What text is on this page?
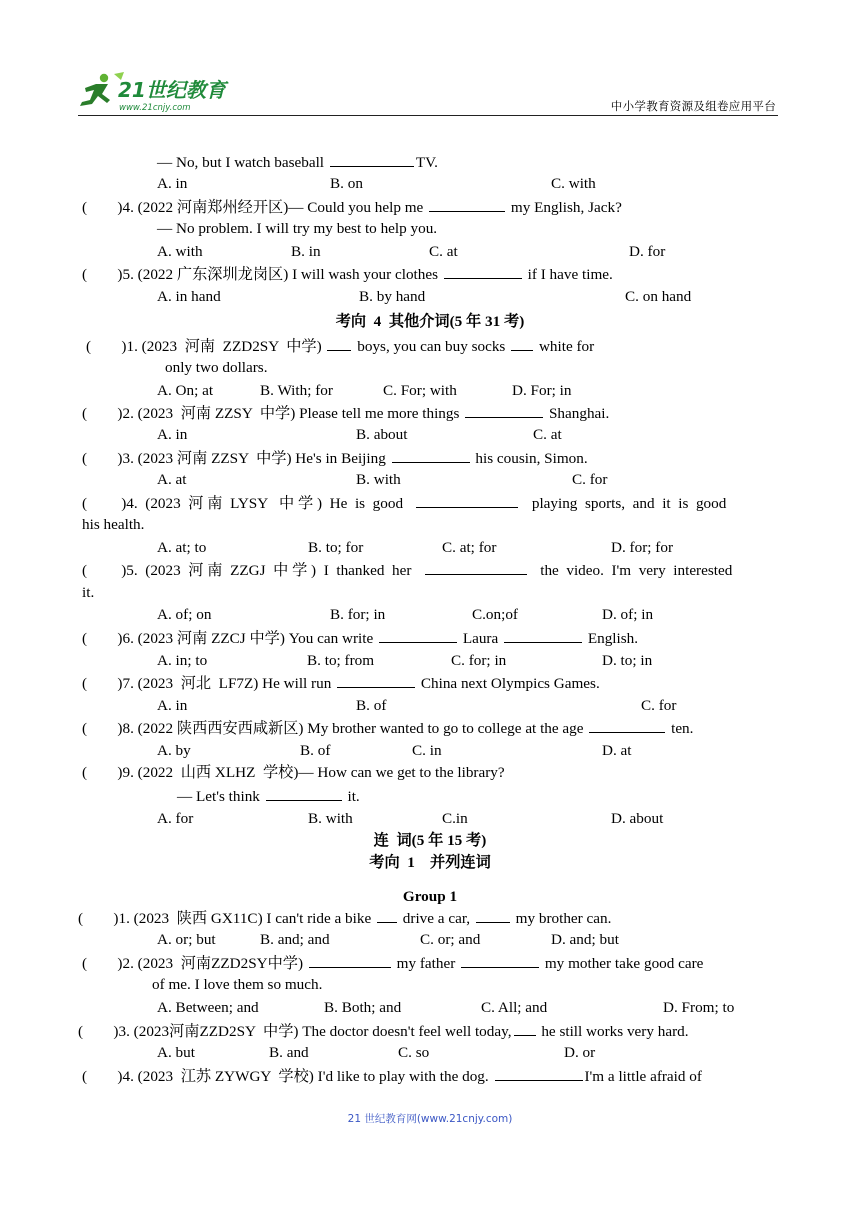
21世纪教育
www.21cnjy.com	中小学教育资源及组卷应用平台
— No, but I watch baseball	TV.
A. in	B. on	C. with
(        )4. (2022 河南郑州经开区)— Could you help me	my English, Jack?
— No problem. I will try my best to help you.
A. with	B. in	C. at	D. for
(        )5. (2022 广东深圳龙岗区) I will wash your clothes	if I have time.
A. in hand	B. by hand	C. on hand
考向  4  其他介词(5 年 31 考)
(        )1. (2023  河南  ZZD2SY  中学)  boys, you can buy socks  white for
only two dollars.
A. On; at	B. With; for	C. For; with	D. For; in
(        )2. (2023  河南 ZZSY  中学) Please tell me more things	Shanghai.
A. in	B. about	C. at
(        )3. (2023 河南 ZZSY  中学) He's in Beijing	his cousin, Simon.
A. at	B. with	C. for
(         )4.  (2023  河 南  LYSY   中 学 )  He  is  good	playing  sports,  and  it  is  good
his health.
A. at; to	B. to; for	C. at; for	D. for; for
(         )5.  (2023  河 南  ZZGJ  中 学 )  I  thanked  her	the  video.  I'm  very  interested
it.
A. of; on	B. for; in	C.on;of	D. of; in
(        )6. (2023 河南 ZZCJ 中学) You can write	Laura	English.
A. in; to	B. to; from	C. for; in	D. to; in
(        )7. (2023  河北  LF7Z) He will run	China next Olympics Games.
A. in	B. of	C. for
(        )8. (2022 陕西西安西咸新区) My brother wanted to go to college at the age	ten.
A. by	B. of	C. in	D. at
(        )9. (2022  山西 XLHZ  学校)— How can we get to the library?
— Let's think	it.
A. for	B. with	C.in	D. about
连  词(5 年 15 考)
考向  1    并列连词
Group 1
(        )1. (2023  陕西 GX11C) I can't ride a bike  drive a car,	my brother can.
A. or; but	B. and; and	C. or; and	D. and; but
(        )2. (2023  河南ZZD2SY中学)	my father	my mother take good care
of me. I love them so much.
A. Between; and	B. Both; and	C. All; and	D. From; to
(        )3. (2023河南ZZD2SY  中学) The doctor doesn't feel well today, he still works very hard.
A. but	B. and	C. so	D. or
(        )4. (2023  江苏 ZYWGY  学校) I'd like to play with the dog.	I'm a little afraid of
21 世纪教育网(www.21cnjy.com)
